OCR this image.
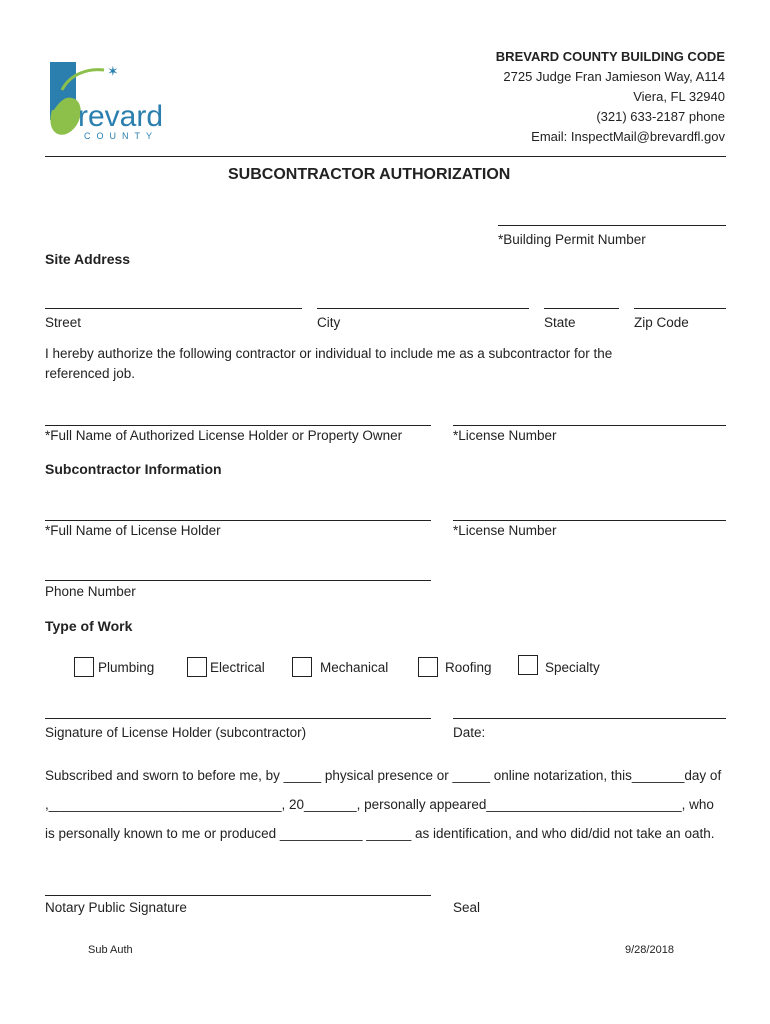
✶
revard
COUNTY
BREVARD COUNTY BUILDING CODE
2725 Judge Fran Jamieson Way, A114
Viera, FL 32940
(321) 633-2187 phone
Email: InspectMail@brevardfl.gov
SUBCONTRACTOR AUTHORIZATION
*Building Permit Number
Site Address
Street	City	State	Zip Code
I hereby authorize the following contractor or individual to include me as a subcontractor for the
referenced job.
*Full Name of Authorized License Holder or Property Owner	*License Number
Subcontractor Information
*Full Name of License Holder	*License Number
Phone Number
Type of Work
Plumbing	Electrical	Mechanical	Roofing	Specialty
Signature of License Holder (subcontractor)	Date:
Subscribed and sworn to before me, by _____ physical presence or _____ online notarization, this_______day of
,_______________________________, 20_______, personally appeared__________________________, who
is personally known to me or produced ___________ ______ as identification, and who did/did not take an oath.
Notary Public Signature	Seal
Sub Auth	9/28/2018
